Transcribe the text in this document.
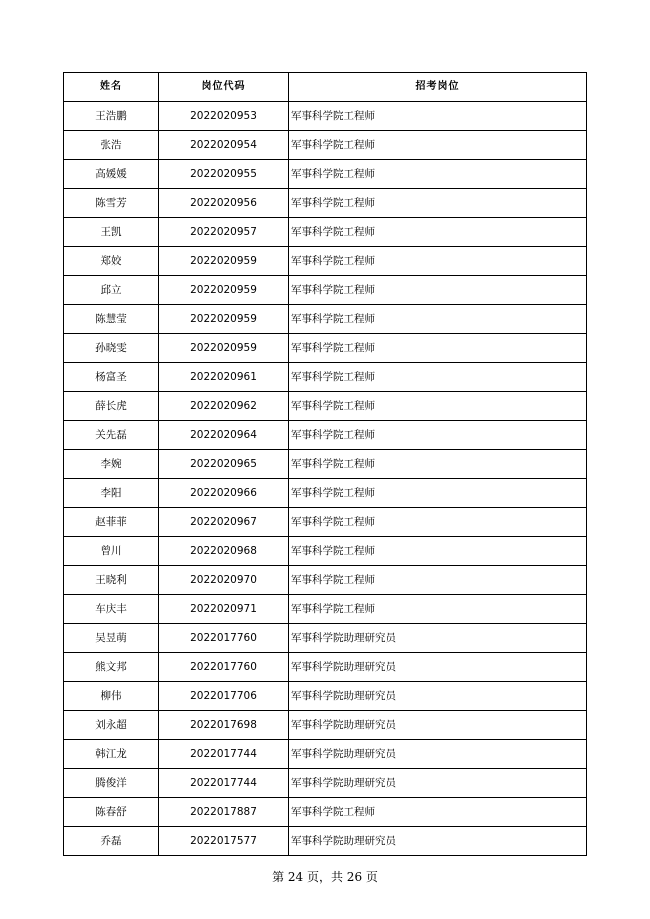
姓名	岗位代码	招考岗位
王浩鹏	2022020953	军事科学院工程师
张浩	2022020954	军事科学院工程师
高媛媛	2022020955	军事科学院工程师
陈雪芳	2022020956	军事科学院工程师
王凯	2022020957	军事科学院工程师
郑姣	2022020959	军事科学院工程师
邱立	2022020959	军事科学院工程师
陈慧莹	2022020959	军事科学院工程师
孙晓雯	2022020959	军事科学院工程师
杨富圣	2022020961	军事科学院工程师
薛长虎	2022020962	军事科学院工程师
关先磊	2022020964	军事科学院工程师
李婉	2022020965	军事科学院工程师
李阳	2022020966	军事科学院工程师
赵菲菲	2022020967	军事科学院工程师
曾川	2022020968	军事科学院工程师
王晓利	2022020970	军事科学院工程师
车庆丰	2022020971	军事科学院工程师
吴昱萌	2022017760	军事科学院助理研究员
熊文邦	2022017760	军事科学院助理研究员
柳伟	2022017706	军事科学院助理研究员
刘永超	2022017698	军事科学院助理研究员
韩江龙	2022017744	军事科学院助理研究员
腾俊洋	2022017744	军事科学院助理研究员
陈春舒	2022017887	军事科学院工程师
乔磊	2022017577	军事科学院助理研究员
第 24 页，共 26 页
